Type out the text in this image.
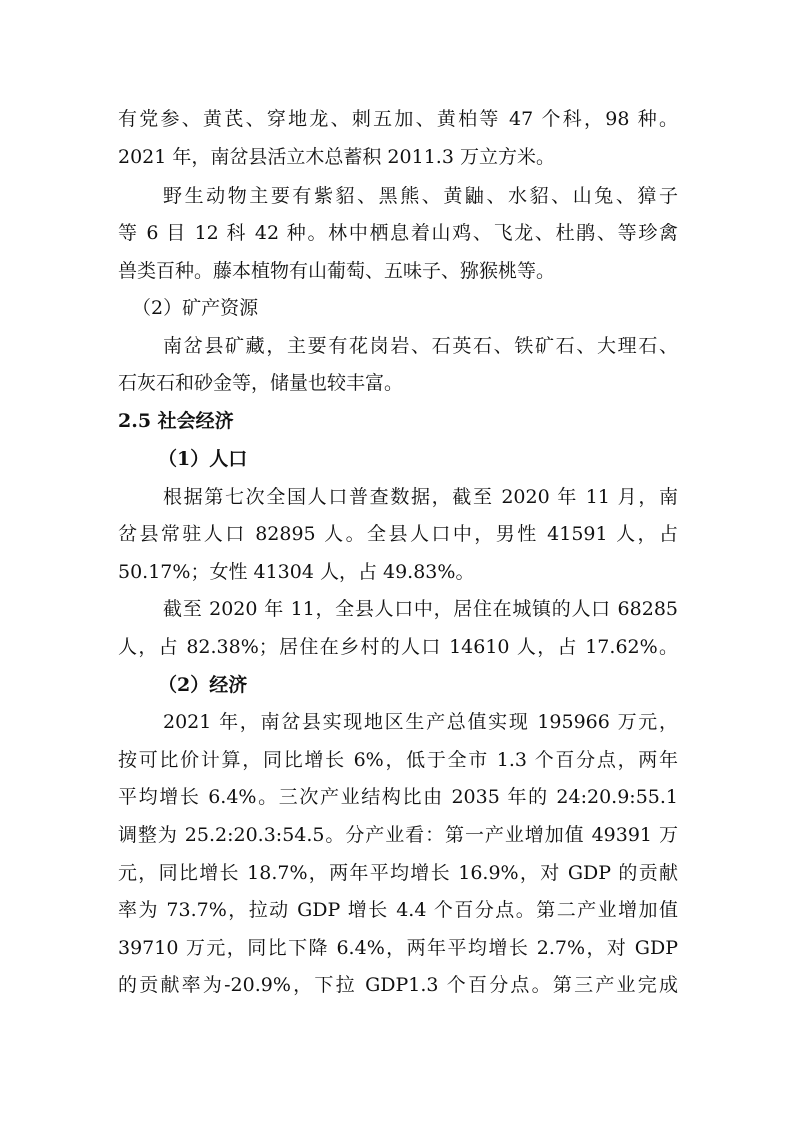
有党参、黄芪、穿地龙、刺五加、黄柏等 47 个科，98 种。
2021 年，南岔县活立木总蓄积 2011.3 万立方米。
野生动物主要有紫貂、黑熊、黄鼬、水貂、山兔、獐子
等 6 目 12 科 42 种。林中栖息着山鸡、飞龙、杜鹃、等珍禽
兽类百种。藤本植物有山葡萄、五味子、猕猴桃等。
（2）矿产资源
南岔县矿藏，主要有花岗岩、石英石、铁矿石、大理石、
石灰石和砂金等，储量也较丰富。
2.5 社会经济
（1）人口
根据第七次全国人口普查数据，截至 2020 年 11 月，南
岔县常驻人口 82895 人。全县人口中，男性 41591 人，占
50.17%；女性 41304 人，占 49.83%。
截至 2020 年 11，全县人口中，居住在城镇的人口 68285
人，占 82.38%；居住在乡村的人口 14610 人，占 17.62%。
（2）经济
2021 年，南岔县实现地区生产总值实现 195966 万元，
按可比价计算，同比增长 6%，低于全市 1.3 个百分点，两年
平均增长 6.4%。三次产业结构比由 2035 年的 24:20.9:55.1
调整为 25.2:20.3:54.5。分产业看：第一产业增加值 49391 万
元，同比增长 18.7%，两年平均增长 16.9%，对 GDP 的贡献
率为 73.7%，拉动 GDP 增长 4.4 个百分点。第二产业增加值
39710 万元，同比下降 6.4%，两年平均增长 2.7%，对 GDP
的贡献率为-20.9%，下拉 GDP1.3 个百分点。第三产业完成
